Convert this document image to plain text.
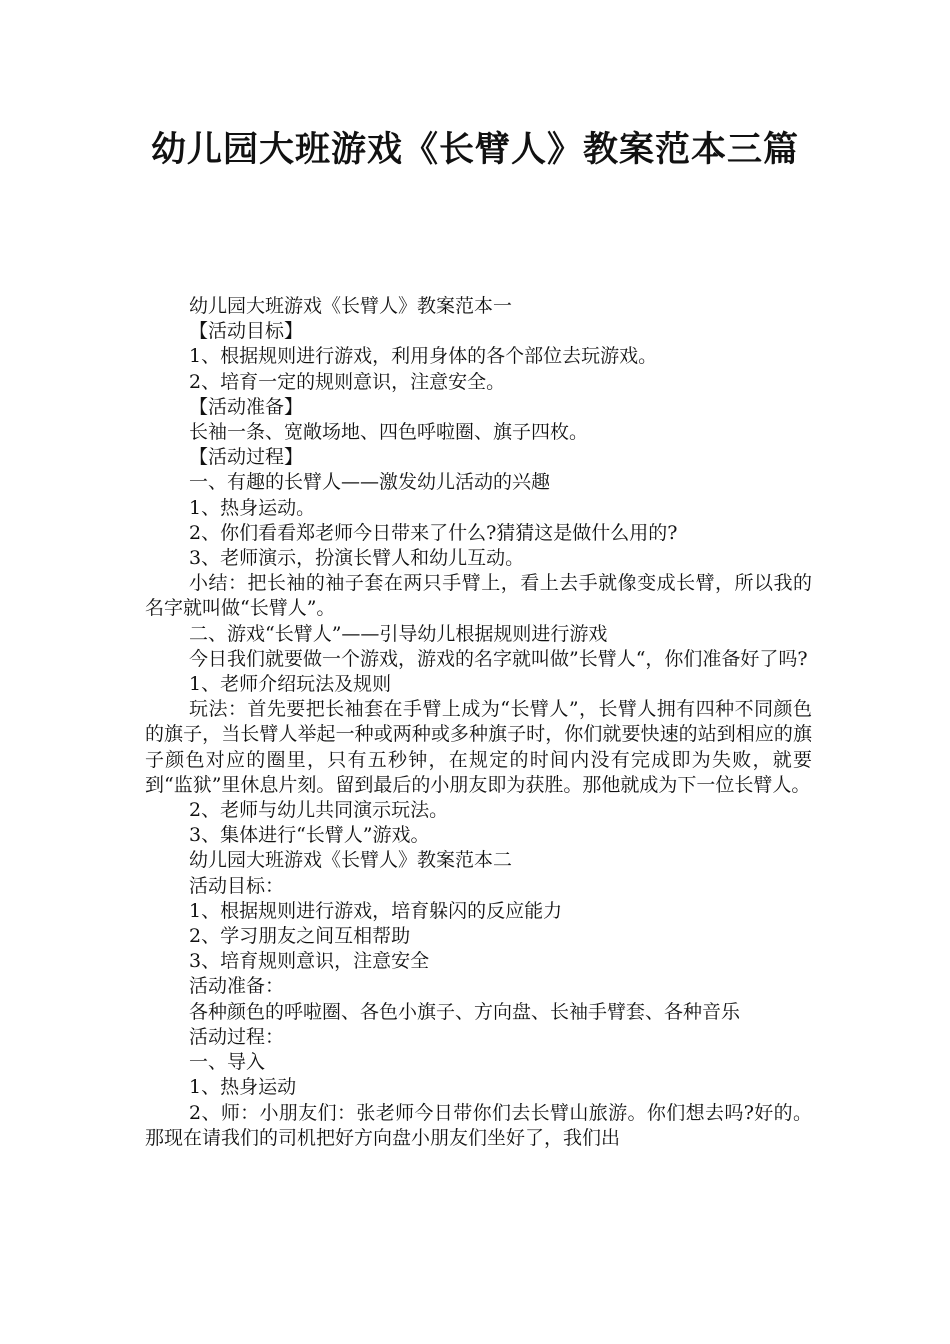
幼儿园大班游戏《长臂人》教案范本三篇

幼儿园大班游戏《长臂人》教案范本一

【活动目标】

1、根据规则进行游戏，利用身体的各个部位去玩游戏。

2、培育一定的规则意识，注意安全。

【活动准备】

长袖一条、宽敞场地、四色呼啦圈、旗子四枚。

【活动过程】

一、有趣的长臂人——激发幼儿活动的兴趣

1、热身运动。

2、你们看看郑老师今日带来了什么?猜猜这是做什么用的?

3、老师演示，扮演长臂人和幼儿互动。

小结：把长袖的袖子套在两只手臂上，看上去手就像变成长臂，所以我的名字就叫做“长臂人”。

二、游戏“长臂人”——引导幼儿根据规则进行游戏

今日我们就要做一个游戏，游戏的名字就叫做”长臂人“，你们准备好了吗?

1、老师介绍玩法及规则

玩法：首先要把长袖套在手臂上成为“长臂人”，长臂人拥有四种不同颜色的旗子，当长臂人举起一种或两种或多种旗子时，你们就要快速的站到相应的旗子颜色对应的圈里，只有五秒钟，在规定的时间内没有完成即为失败，就要到“监狱”里休息片刻。留到最后的小朋友即为获胜。那他就成为下一位长臂人。

2、老师与幼儿共同演示玩法。

3、集体进行“长臂人”游戏。

幼儿园大班游戏《长臂人》教案范本二

活动目标：

1、根据规则进行游戏，培育躲闪的反应能力

2、学习朋友之间互相帮助

3、培育规则意识，注意安全

活动准备：

各种颜色的呼啦圈、各色小旗子、方向盘、长袖手臂套、各种音乐

活动过程：

一、导入

1、热身运动

2、师：小朋友们：张老师今日带你们去长臂山旅游。你们想去吗?好的。那现在请我们的司机把好方向盘小朋友们坐好了，我们出
